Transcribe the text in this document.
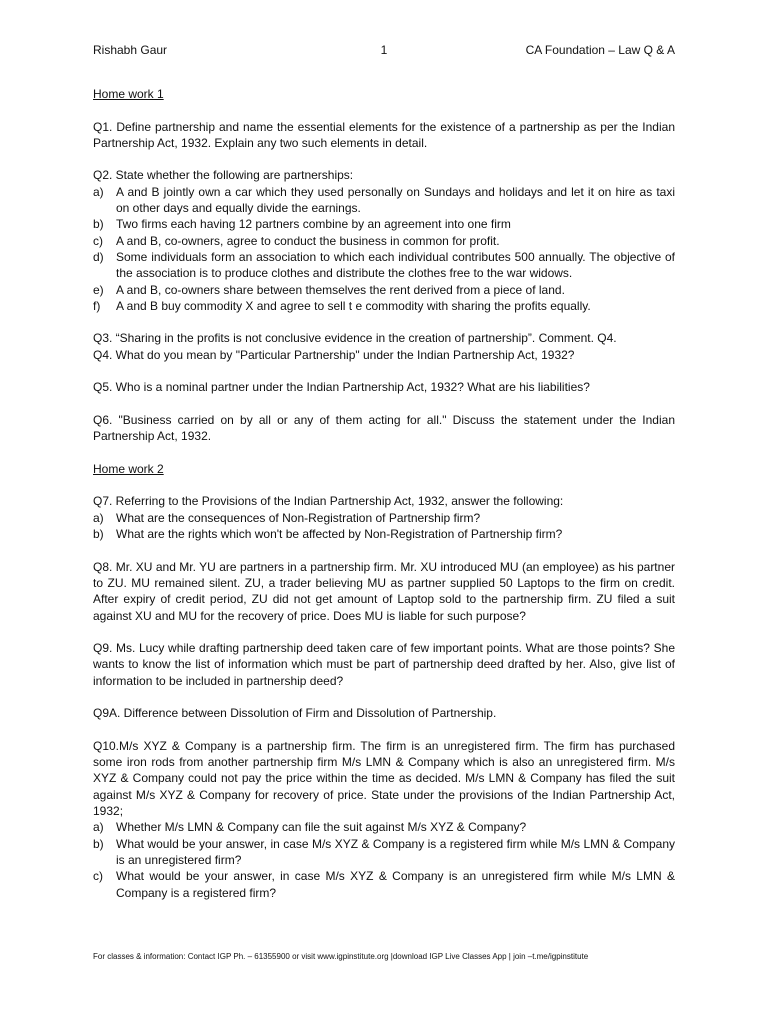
Rishabh Gaur	1	CA Foundation – Law Q & A

Home work 1

Q1. Define partnership and name the essential elements for the existence of a partnership as per the Indian Partnership Act, 1932. Explain any two such elements in detail.

Q2. State whether the following are partnerships:

a) A and B jointly own a car which they used personally on Sundays and holidays and let it on hire as taxi on other days and equally divide the earnings.
b) Two firms each having 12 partners combine by an agreement into one firm
c) A and B, co-owners, agree to conduct the business in common for profit.
d) Some individuals form an association to which each individual contributes 500 annually. The objective of the association is to produce clothes and distribute the clothes free to the war widows.
e) A and B, co-owners share between themselves the rent derived from a piece of land.
f) A and B buy commodity X and agree to sell t e commodity with sharing the profits equally.

Q3. “Sharing in the profits is not conclusive evidence in the creation of partnership”. Comment. Q4.

Q4. What do you mean by "Particular Partnership" under the Indian Partnership Act, 1932?

Q5. Who is a nominal partner under the Indian Partnership Act, 1932? What are his liabilities?

Q6. "Business carried on by all or any of them acting for all." Discuss the statement under the Indian Partnership Act, 1932.

Home work 2

Q7. Referring to the Provisions of the Indian Partnership Act, 1932, answer the following:

a) What are the consequences of Non-Registration of Partnership firm?
b) What are the rights which won't be affected by Non-Registration of Partnership firm?

Q8. Mr. XU and Mr. YU are partners in a partnership firm. Mr. XU introduced MU (an employee) as his partner to ZU. MU remained silent. ZU, a trader believing MU as partner supplied 50 Laptops to the firm on credit. After expiry of credit period, ZU did not get amount of Laptop sold to the partnership firm. ZU filed a suit against XU and MU for the recovery of price. Does MU is liable for such purpose?

Q9. Ms. Lucy while drafting partnership deed taken care of few important points. What are those points? She wants to know the list of information which must be part of partnership deed drafted by her. Also, give list of information to be included in partnership deed?

Q9A. Difference between Dissolution of Firm and Dissolution of Partnership.

Q10.M/s XYZ & Company is a partnership firm. The firm is an unregistered firm. The firm has purchased some iron rods from another partnership firm M/s LMN & Company which is also an unregistered firm. M/s XYZ & Company could not pay the price within the time as decided. M/s LMN & Company has filed the suit against M/s XYZ & Company for recovery of price. State under the provisions of the Indian Partnership Act, 1932;

a) Whether M/s LMN & Company can file the suit against M/s XYZ & Company?
b) What would be your answer, in case M/s XYZ & Company is a registered firm while M/s LMN & Company is an unregistered firm?
c) What would be your answer, in case M/s XYZ & Company is an unregistered firm while M/s LMN & Company is a registered firm?
For classes & information: Contact IGP Ph. – 61355900 or visit www.igpinstitute.org |download IGP Live Classes App | join –t.me/igpinstitute
